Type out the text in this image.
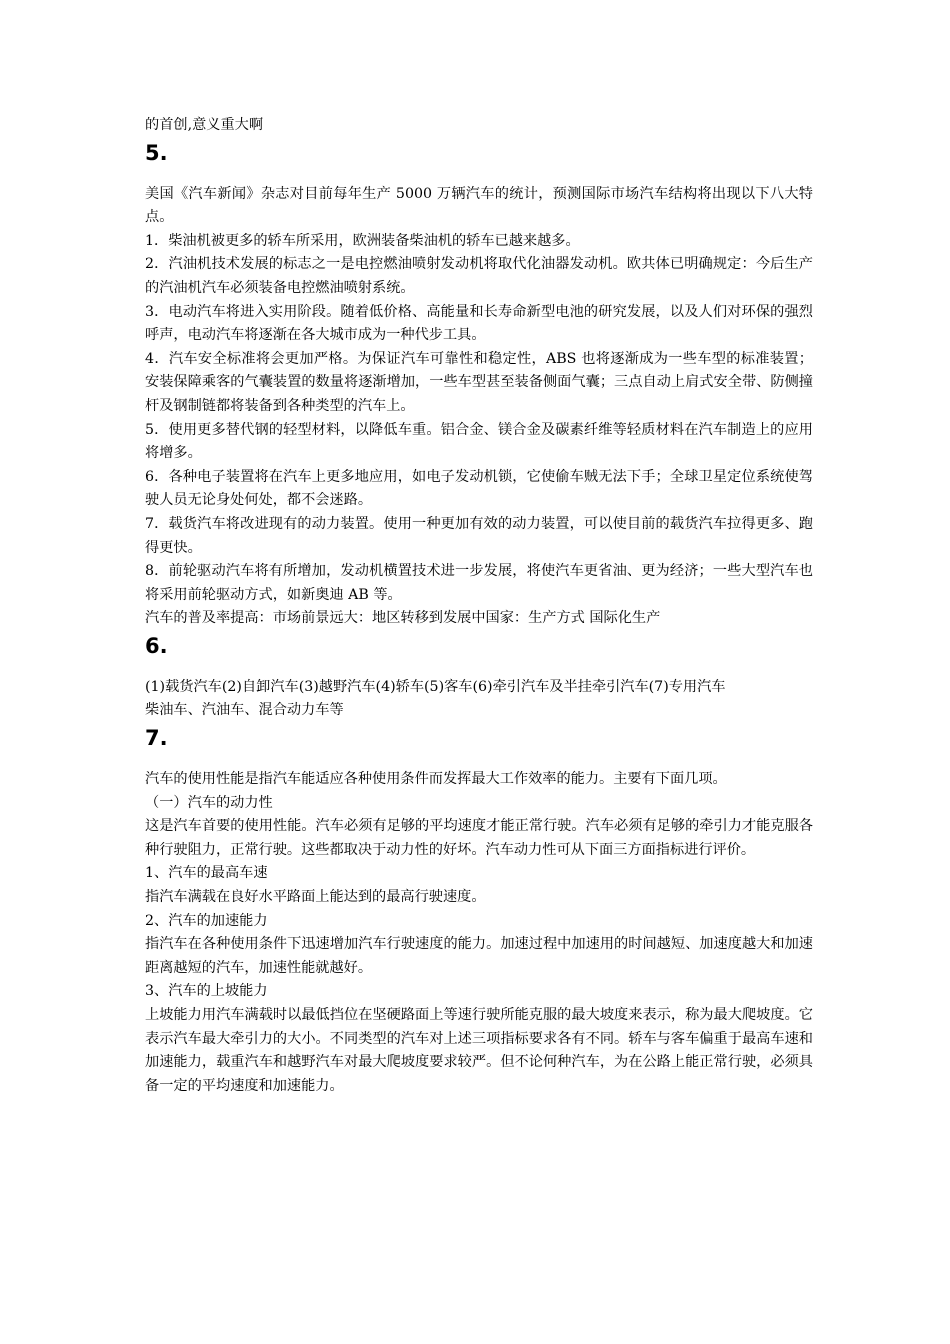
的首创,意义重大啊

5.

美国《汽车新闻》杂志对目前每年生产 5000 万辆汽车的统计，预测国际市场汽车结构将出现以下八大特点。

1．柴油机被更多的轿车所采用，欧洲装备柴油机的轿车已越来越多。

2．汽油机技术发展的标志之一是电控燃油喷射发动机将取代化油器发动机。欧共体已明确规定：今后生产的汽油机汽车必须装备电控燃油喷射系统。

3．电动汽车将进入实用阶段。随着低价格、高能量和长寿命新型电池的研究发展，以及人们对环保的强烈呼声，电动汽车将逐渐在各大城市成为一种代步工具。

4．汽车安全标准将会更加严格。为保证汽车可靠性和稳定性，ABS 也将逐渐成为一些车型的标准装置；安装保障乘客的气囊装置的数量将逐渐增加，一些车型甚至装备侧面气囊；三点自动上肩式安全带、防侧撞杆及钢制链都将装备到各种类型的汽车上。

5．使用更多替代钢的轻型材料，以降低车重。铝合金、镁合金及碳素纤维等轻质材料在汽车制造上的应用将增多。

6．各种电子装置将在汽车上更多地应用，如电子发动机锁，它使偷车贼无法下手；全球卫星定位系统使驾驶人员无论身处何处，都不会迷路。

7．载货汽车将改进现有的动力装置。使用一种更加有效的动力装置，可以使目前的载货汽车拉得更多、跑得更快。

8．前轮驱动汽车将有所增加，发动机横置技术进一步发展，将使汽车更省油、更为经济；一些大型汽车也将采用前轮驱动方式，如新奥迪 AB 等。

汽车的普及率提高：市场前景远大：地区转移到发展中国家：生产方式 国际化生产

6.

(1)载货汽车(2)自卸汽车(3)越野汽车(4)轿车(5)客车(6)牵引汽车及半挂牵引汽车(7)专用汽车

柴油车、汽油车、混合动力车等

7.

汽车的使用性能是指汽车能适应各种使用条件而发挥最大工作效率的能力。主要有下面几项。

（一）汽车的动力性

这是汽车首要的使用性能。汽车必须有足够的平均速度才能正常行驶。汽车必须有足够的牵引力才能克服各种行驶阻力，正常行驶。这些都取决于动力性的好坏。汽车动力性可从下面三方面指标进行评价。

1、汽车的最高车速

指汽车满载在良好水平路面上能达到的最高行驶速度。

2、汽车的加速能力

指汽车在各种使用条件下迅速增加汽车行驶速度的能力。加速过程中加速用的时间越短、加速度越大和加速距离越短的汽车，加速性能就越好。

3、汽车的上坡能力

上坡能力用汽车满载时以最低挡位在坚硬路面上等速行驶所能克服的最大坡度来表示，称为最大爬坡度。它表示汽车最大牵引力的大小。不同类型的汽车对上述三项指标要求各有不同。轿车与客车偏重于最高车速和加速能力，载重汽车和越野汽车对最大爬坡度要求较严。但不论何种汽车，为在公路上能正常行驶，必须具备一定的平均速度和加速能力。
